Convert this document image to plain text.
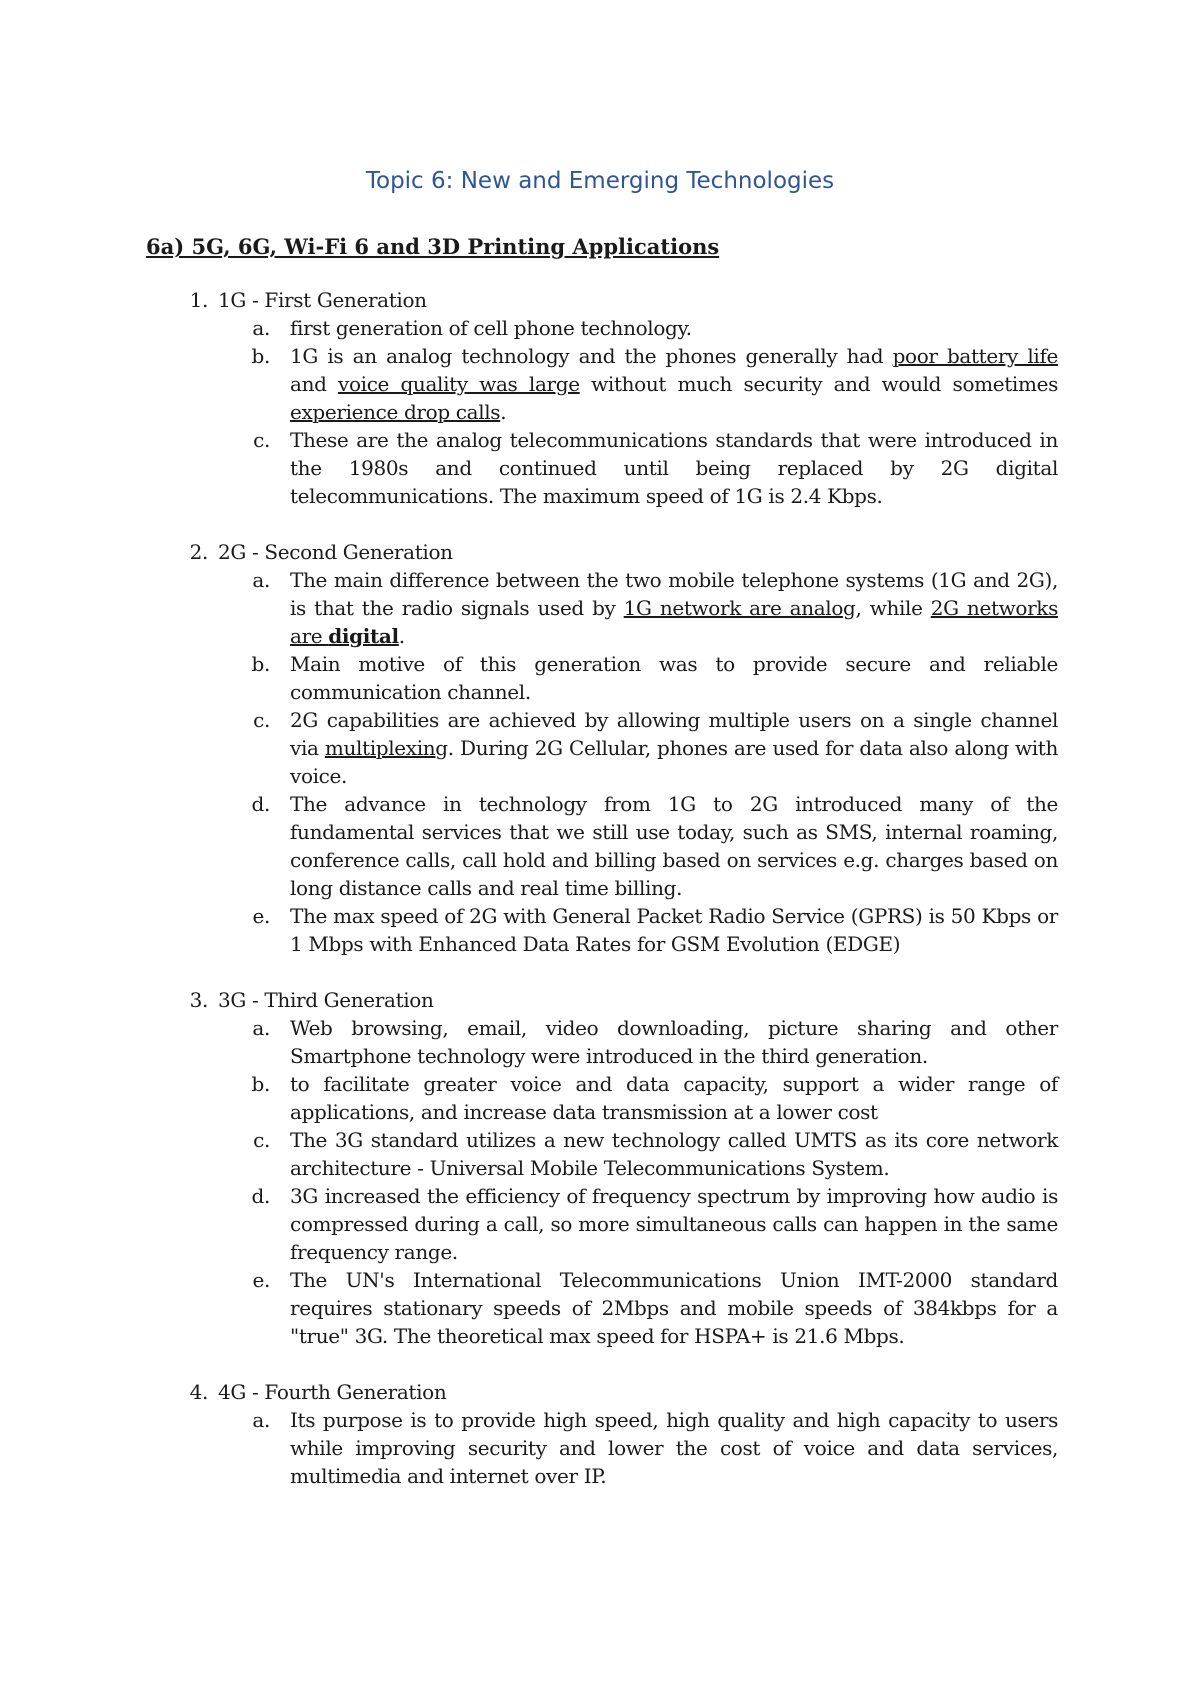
Topic 6: New and Emerging Technologies
6a) 5G, 6G, Wi-Fi 6 and 3D Printing Applications
1. 1G - First Generation
a.	first generation of cell phone technology.
b.	1G is an analog technology and the phones generally had poor battery life and voice quality was large without much security and would sometimes experience drop calls.
c.	These are the analog telecommunications standards that were introduced in the 1980s and continued until being replaced by 2G digital telecommunications. The maximum speed of 1G is 2.4 Kbps.
2. 2G - Second Generation
a.	The main difference between the two mobile telephone systems (1G and 2G), is that the radio signals used by 1G network are analog, while 2G networks are digital.
b.	Main motive of this generation was to provide secure and reliable communication channel.
c.	2G capabilities are achieved by allowing multiple users on a single channel via multiplexing. During 2G Cellular, phones are used for data also along with voice.
d.	The advance in technology from 1G to 2G introduced many of the fundamental services that we still use today, such as SMS, internal roaming, conference calls, call hold and billing based on services e.g. charges based on long distance calls and real time billing.
e.	The max speed of 2G with General Packet Radio Service (GPRS) is 50 Kbps or 1 Mbps with Enhanced Data Rates for GSM Evolution (EDGE)
3. 3G - Third Generation
a.	Web browsing, email, video downloading, picture sharing and other Smartphone technology were introduced in the third generation.
b.	to facilitate greater voice and data capacity, support a wider range of applications, and increase data transmission at a lower cost
c.	The 3G standard utilizes a new technology called UMTS as its core network architecture - Universal Mobile Telecommunications System.
d.	3G increased the efficiency of frequency spectrum by improving how audio is compressed during a call, so more simultaneous calls can happen in the same frequency range.
e.	The UN's International Telecommunications Union IMT-2000 standard requires stationary speeds of 2Mbps and mobile speeds of 384kbps for a "true" 3G. The theoretical max speed for HSPA+ is 21.6 Mbps.
4. 4G - Fourth Generation
a.	Its purpose is to provide high speed, high quality and high capacity to users while improving security and lower the cost of voice and data services, multimedia and internet over IP.
